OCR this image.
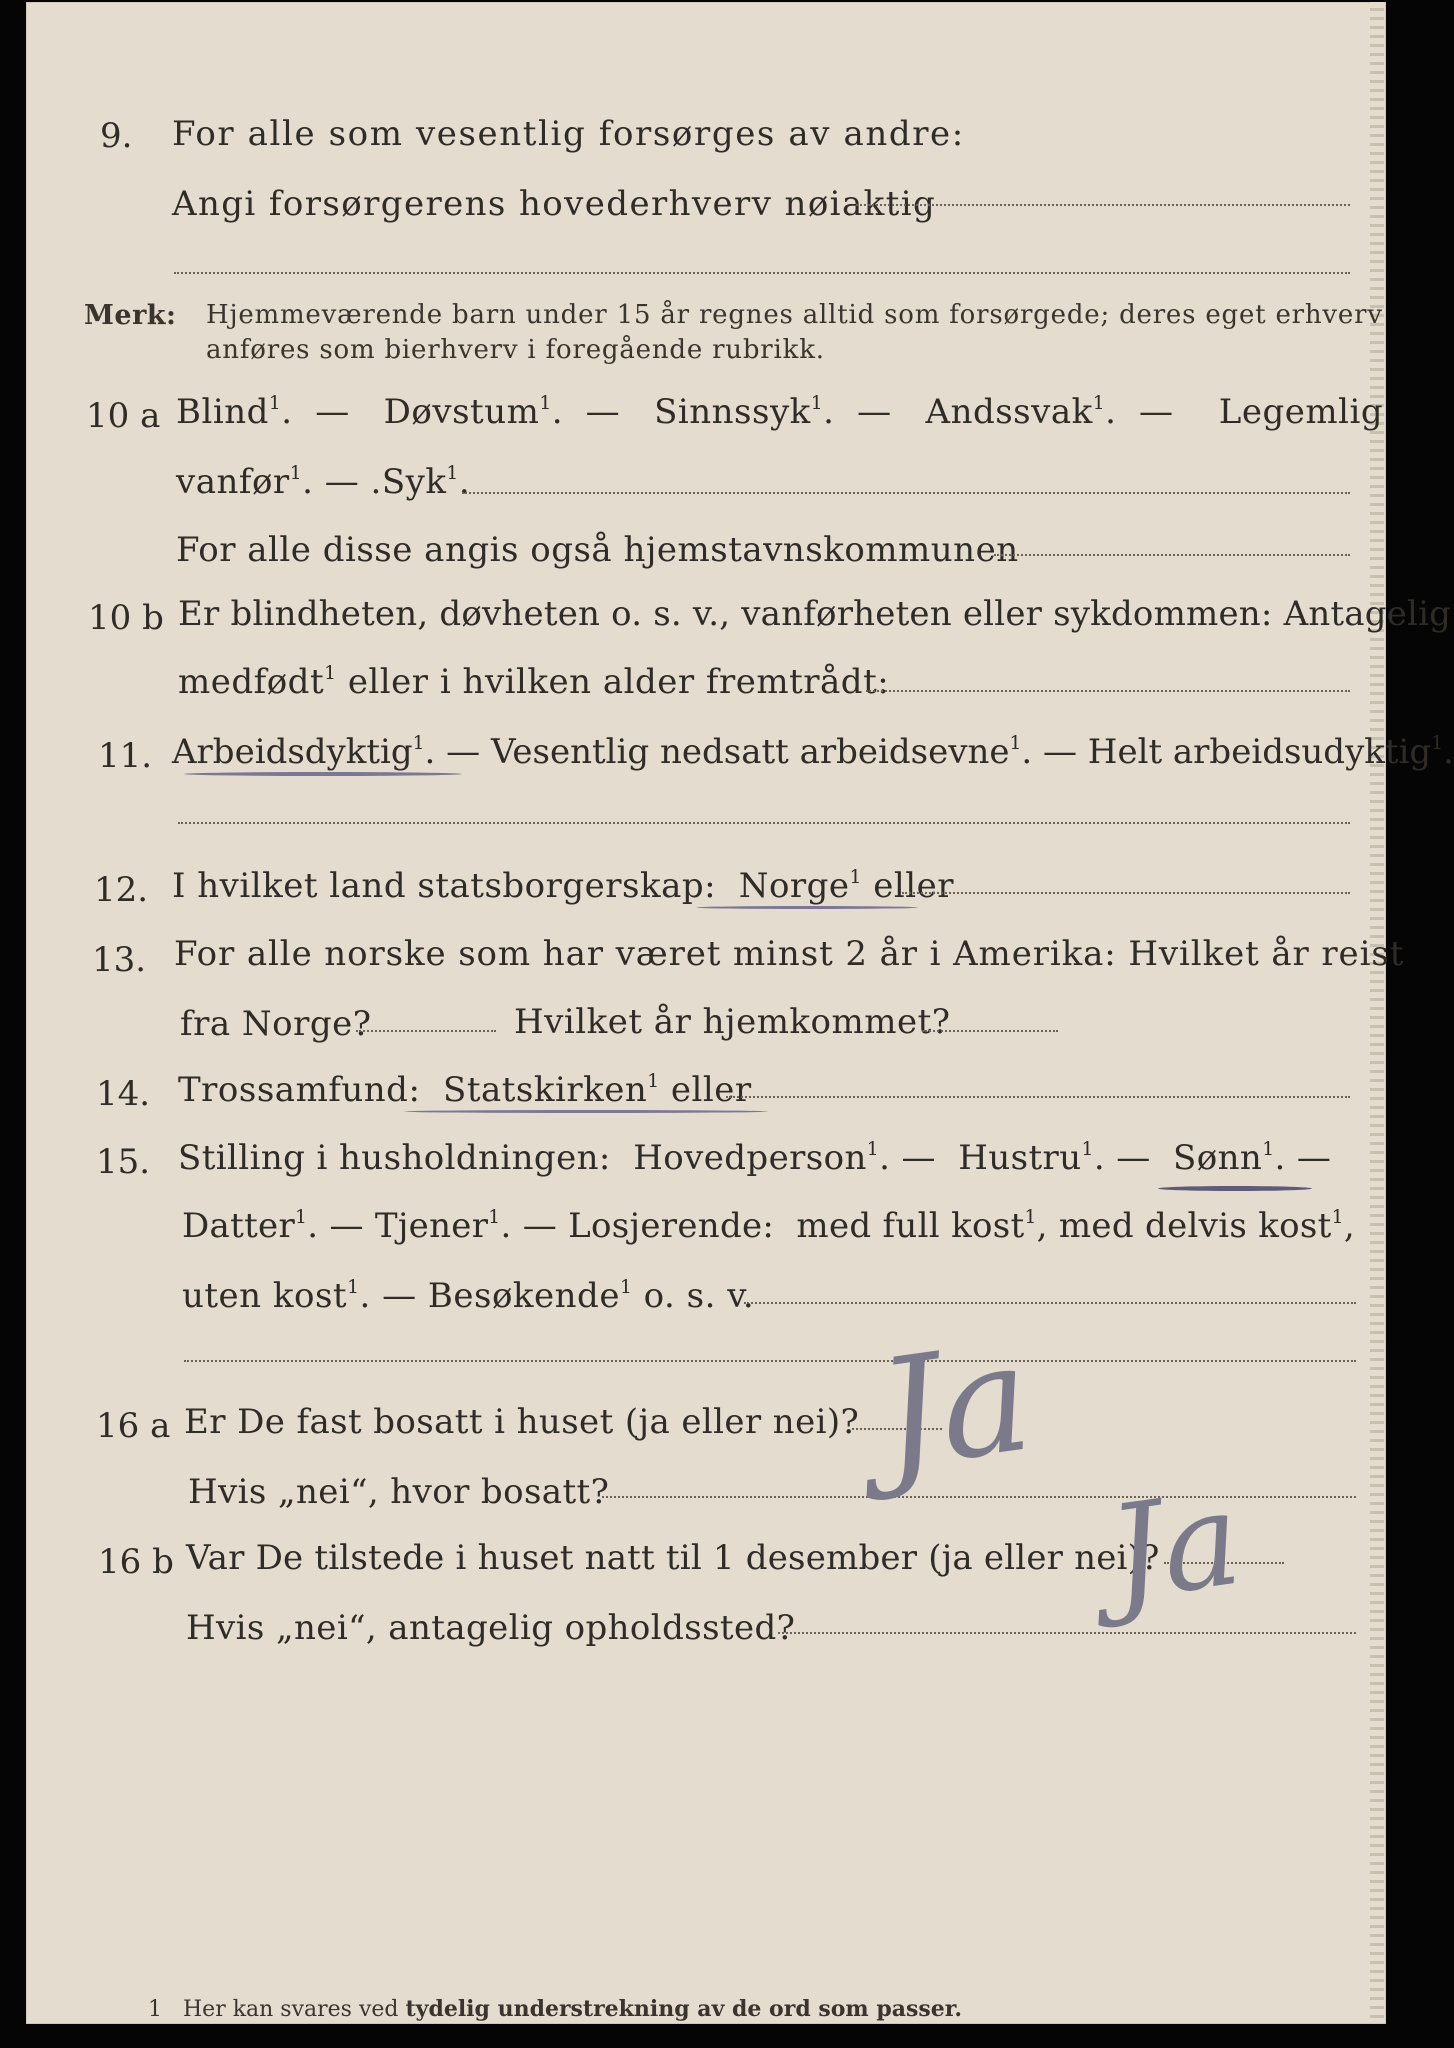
9. For alle som vesentlig forsørges av andre:
Angi forsørgerens hovederhverv nøiaktig
Merk: Hjemmeværende barn under 15 år regnes alltid som forsørgede; deres eget erhverv
anføres som bierhverv i foregående rubrikk.
10 a Blind$^1$.  —   Døvstum$^1$.  —   Sinnssyk$^1$.  —   Andssvak$^1$.  —    Legemlig
vanfør$^1$. — .Syk$^1$.
For alle disse angis også hjemstavnskommunen
10 b Er blindheten, døvheten o. s. v., vanførheten eller sykdommen: Antagelig
medfødt$^1$ eller i hvilken alder fremtrådt:
11. Arbeidsdyktig$^1$. — Vesentlig nedsatt arbeidsevne$^1$. — Helt arbeidsudyktig$^1$.
12. I hvilket land statsborgerskap: Norge$^1$ eller
13. For alle norske som har været minst 2 år i Amerika: Hvilket år reist
fra Norge?	Hvilket år hjemkommet?
14. Trossamfund: Statskirken$^1$ eller
15. Stilling i husholdningen: Hovedperson$^1$. —  Hustru$^1$. —  Sønn$^1$. —
Datter$^1$. — Tjener$^1$. — Losjerende: med full kost$^1$, med delvis kost$^1$,
uten kost$^1$. — Besøkende$^1$ o. s. v.
16 a Er De fast bosatt i huset (ja eller nei)?
Hvis „nei“, hvor bosatt? Ja
16 b Var De tilstede i huset natt til 1 desember (ja eller nei)?
Hvis „nei“, antagelig opholdssted? Ja
1 Her kan svares ved tydelig understrekning av de ord som passer.
